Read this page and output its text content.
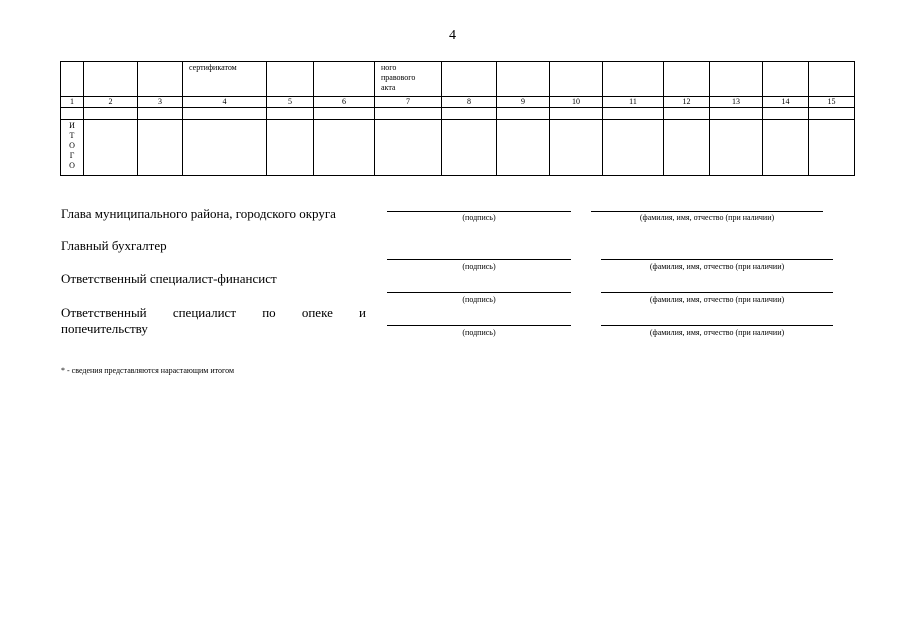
4
			сертификатом			ного
правового
акта								

1	2	3	4	5	6	7	8	9	10	11	12	13	14	15

И
Т
О
Г
О														

Глава муниципального района, городского округа	(подпись)	(фамилия, имя, отчество (при наличии)
Главный бухгалтер
(подпись)	(фамилия, имя, отчество (при наличии)
Ответственный специалист-финансист
(подпись)	(фамилия, имя, отчество (при наличии)
Ответственный специалист по опеке и
попечительству	(подпись)	(фамилия, имя, отчество (при наличии)
* - сведения представляются нарастающим итогом
